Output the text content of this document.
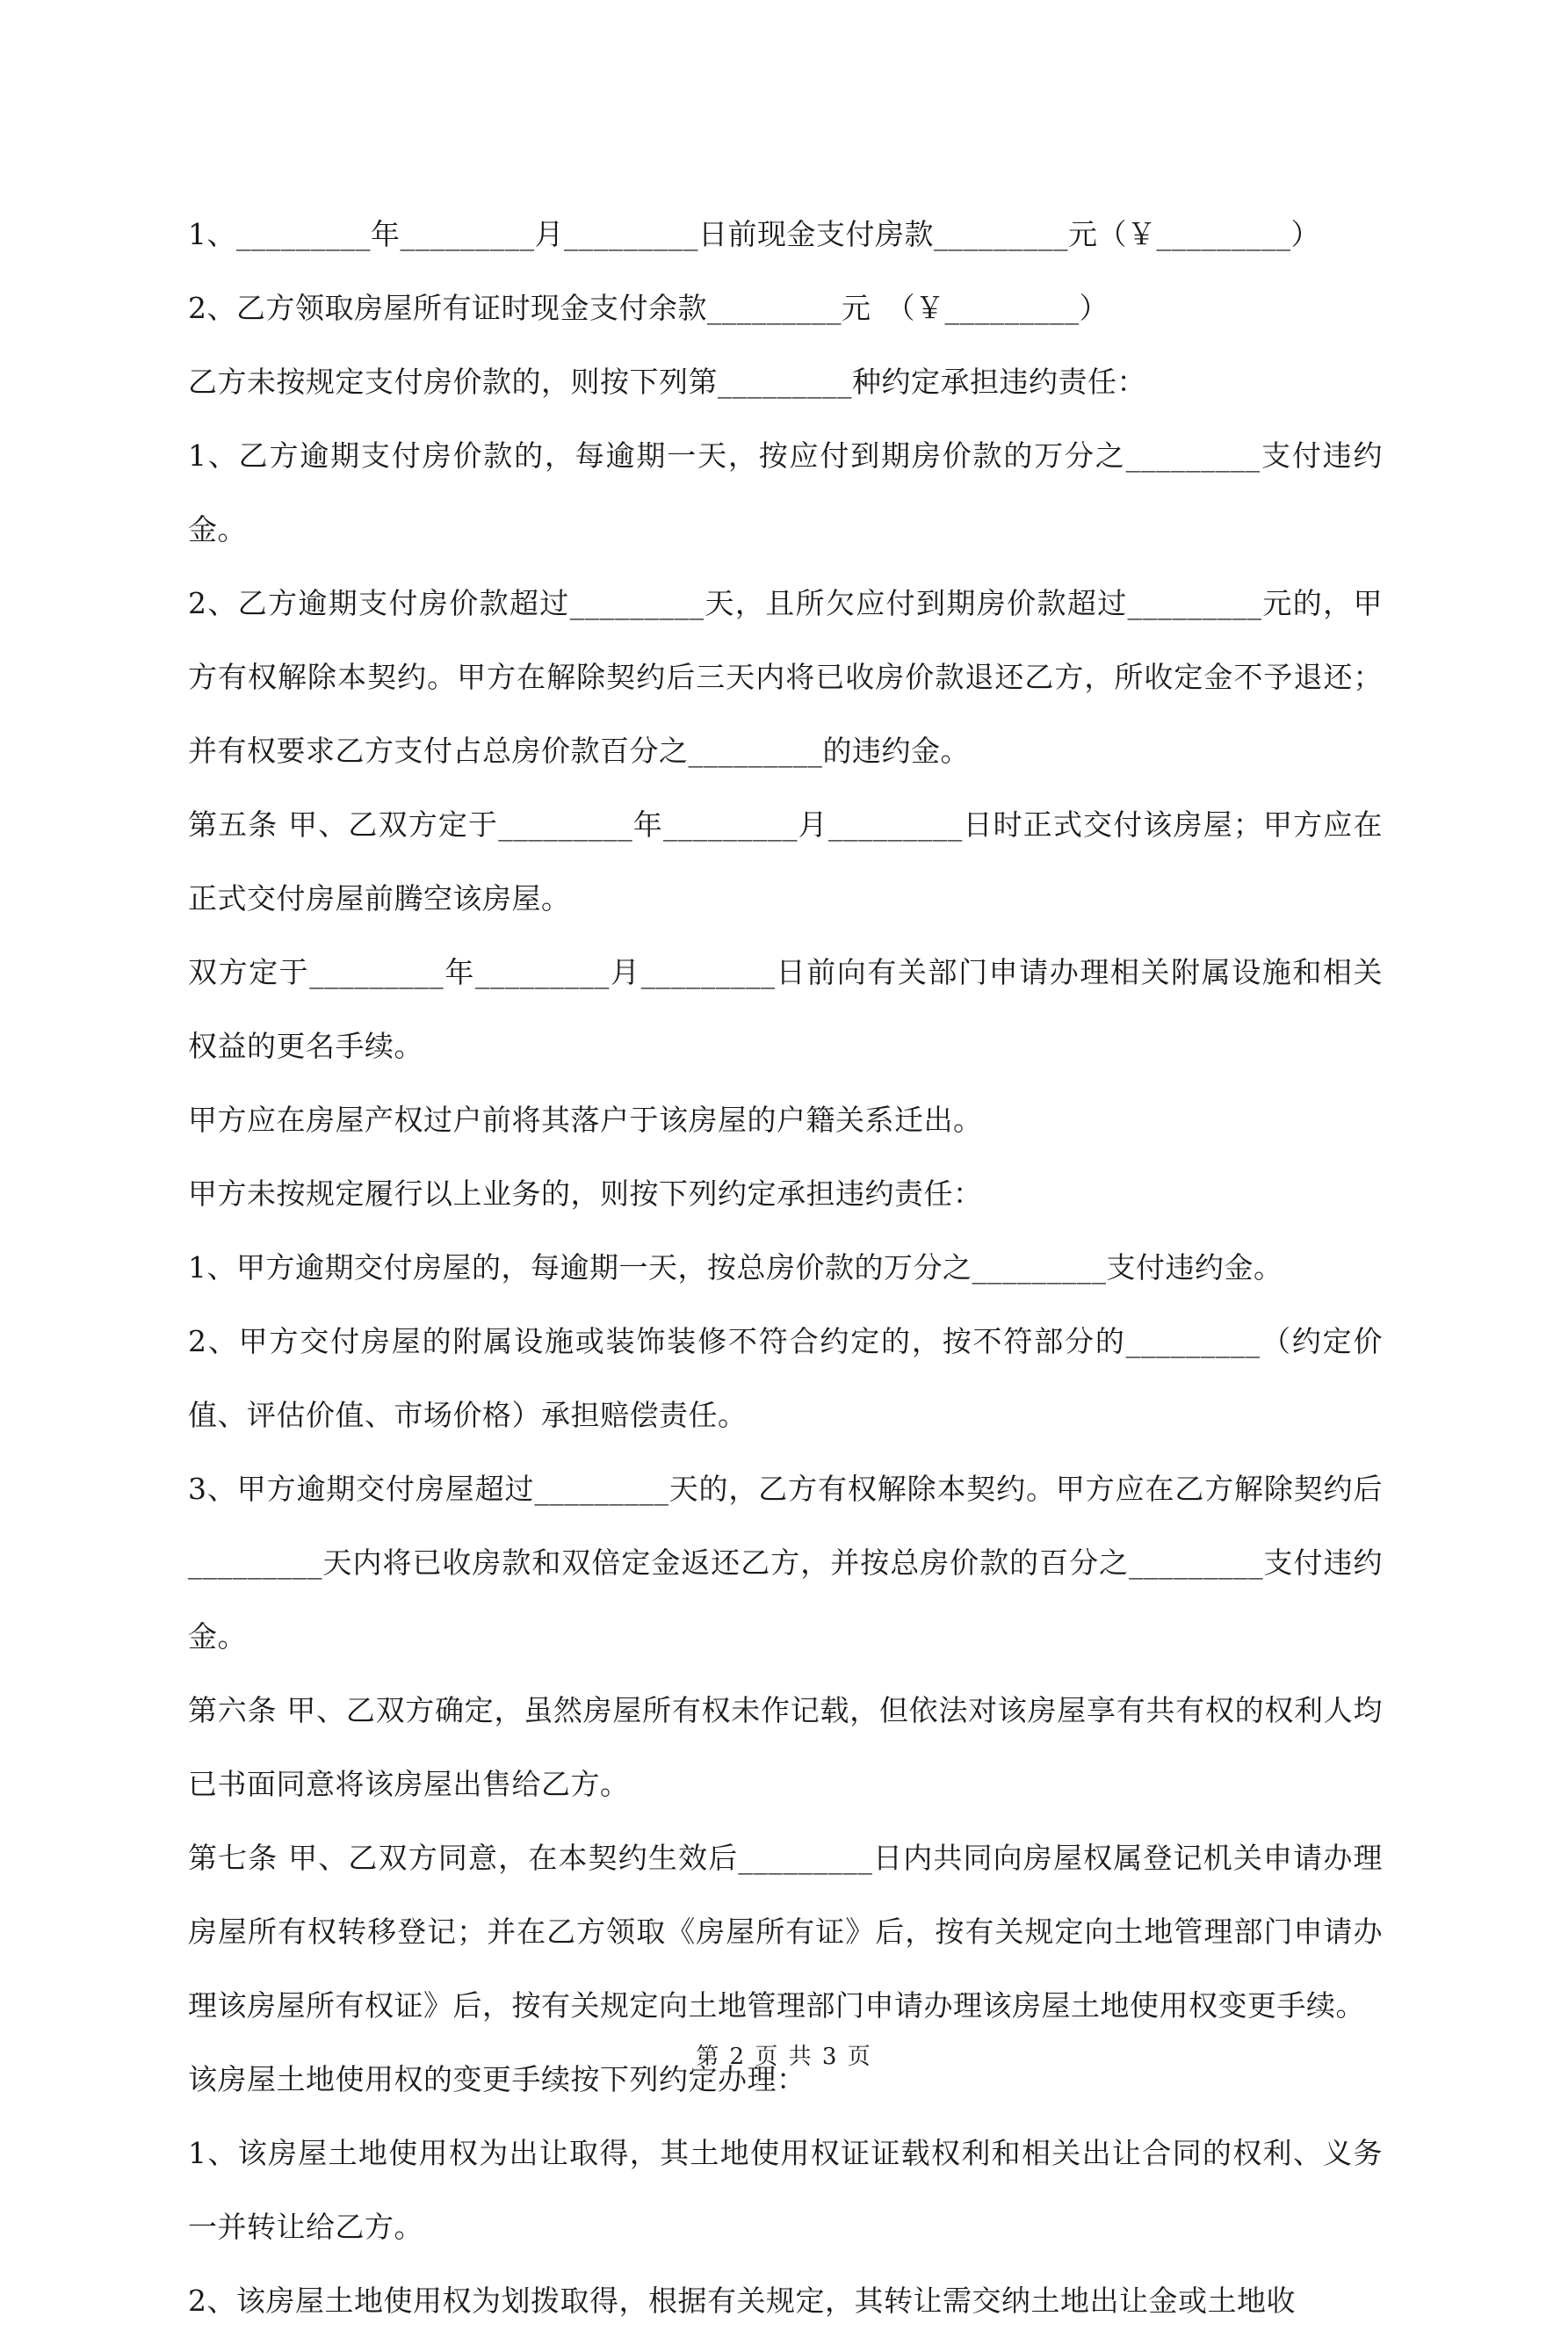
1、_________年_________月_________日前现金支付房款_________元（￥_________）

2、乙方领取房屋所有证时现金支付余款_________元　（￥_________）

乙方未按规定支付房价款的，则按下列第_________种约定承担违约责任：

1、乙方逾期支付房价款的，每逾期一天，按应付到期房价款的万分之_________支付违约金。

2、乙方逾期支付房价款超过_________天，且所欠应付到期房价款超过_________元的，甲方有权解除本契约。甲方在解除契约后三天内将已收房价款退还乙方，所收定金不予退还；并有权要求乙方支付占总房价款百分之_________的违约金。

第五条 甲、乙双方定于_________年_________月_________日时正式交付该房屋；甲方应在正式交付房屋前腾空该房屋。

双方定于_________年_________月_________日前向有关部门申请办理相关附属设施和相关权益的更名手续。

甲方应在房屋产权过户前将其落户于该房屋的户籍关系迁出。

甲方未按规定履行以上业务的，则按下列约定承担违约责任：

1、甲方逾期交付房屋的，每逾期一天，按总房价款的万分之_________支付违约金。

2、甲方交付房屋的附属设施或装饰装修不符合约定的，按不符部分的_________（约定价值、评估价值、市场价格）承担赔偿责任。

3、甲方逾期交付房屋超过_________天的，乙方有权解除本契约。甲方应在乙方解除契约后_________天内将已收房款和双倍定金返还乙方，并按总房价款的百分之_________支付违约金。

第六条 甲、乙双方确定，虽然房屋所有权未作记载，但依法对该房屋享有共有权的权利人均已书面同意将该房屋出售给乙方。

第七条 甲、乙双方同意，在本契约生效后_________日内共同向房屋权属登记机关申请办理房屋所有权转移登记；并在乙方领取《房屋所有证》后，按有关规定向土地管理部门申请办理该房屋所有权证》后，按有关规定向土地管理部门申请办理该房屋土地使用权变更手续。

该房屋土地使用权的变更手续按下列约定办理：

1、该房屋土地使用权为出让取得，其土地使用权证证载权利和相关出让合同的权利、义务一并转让给乙方。

2、该房屋土地使用权为划拨取得，根据有关规定，其转让需交纳土地出让金或土地收

第 2 页 共 3 页
